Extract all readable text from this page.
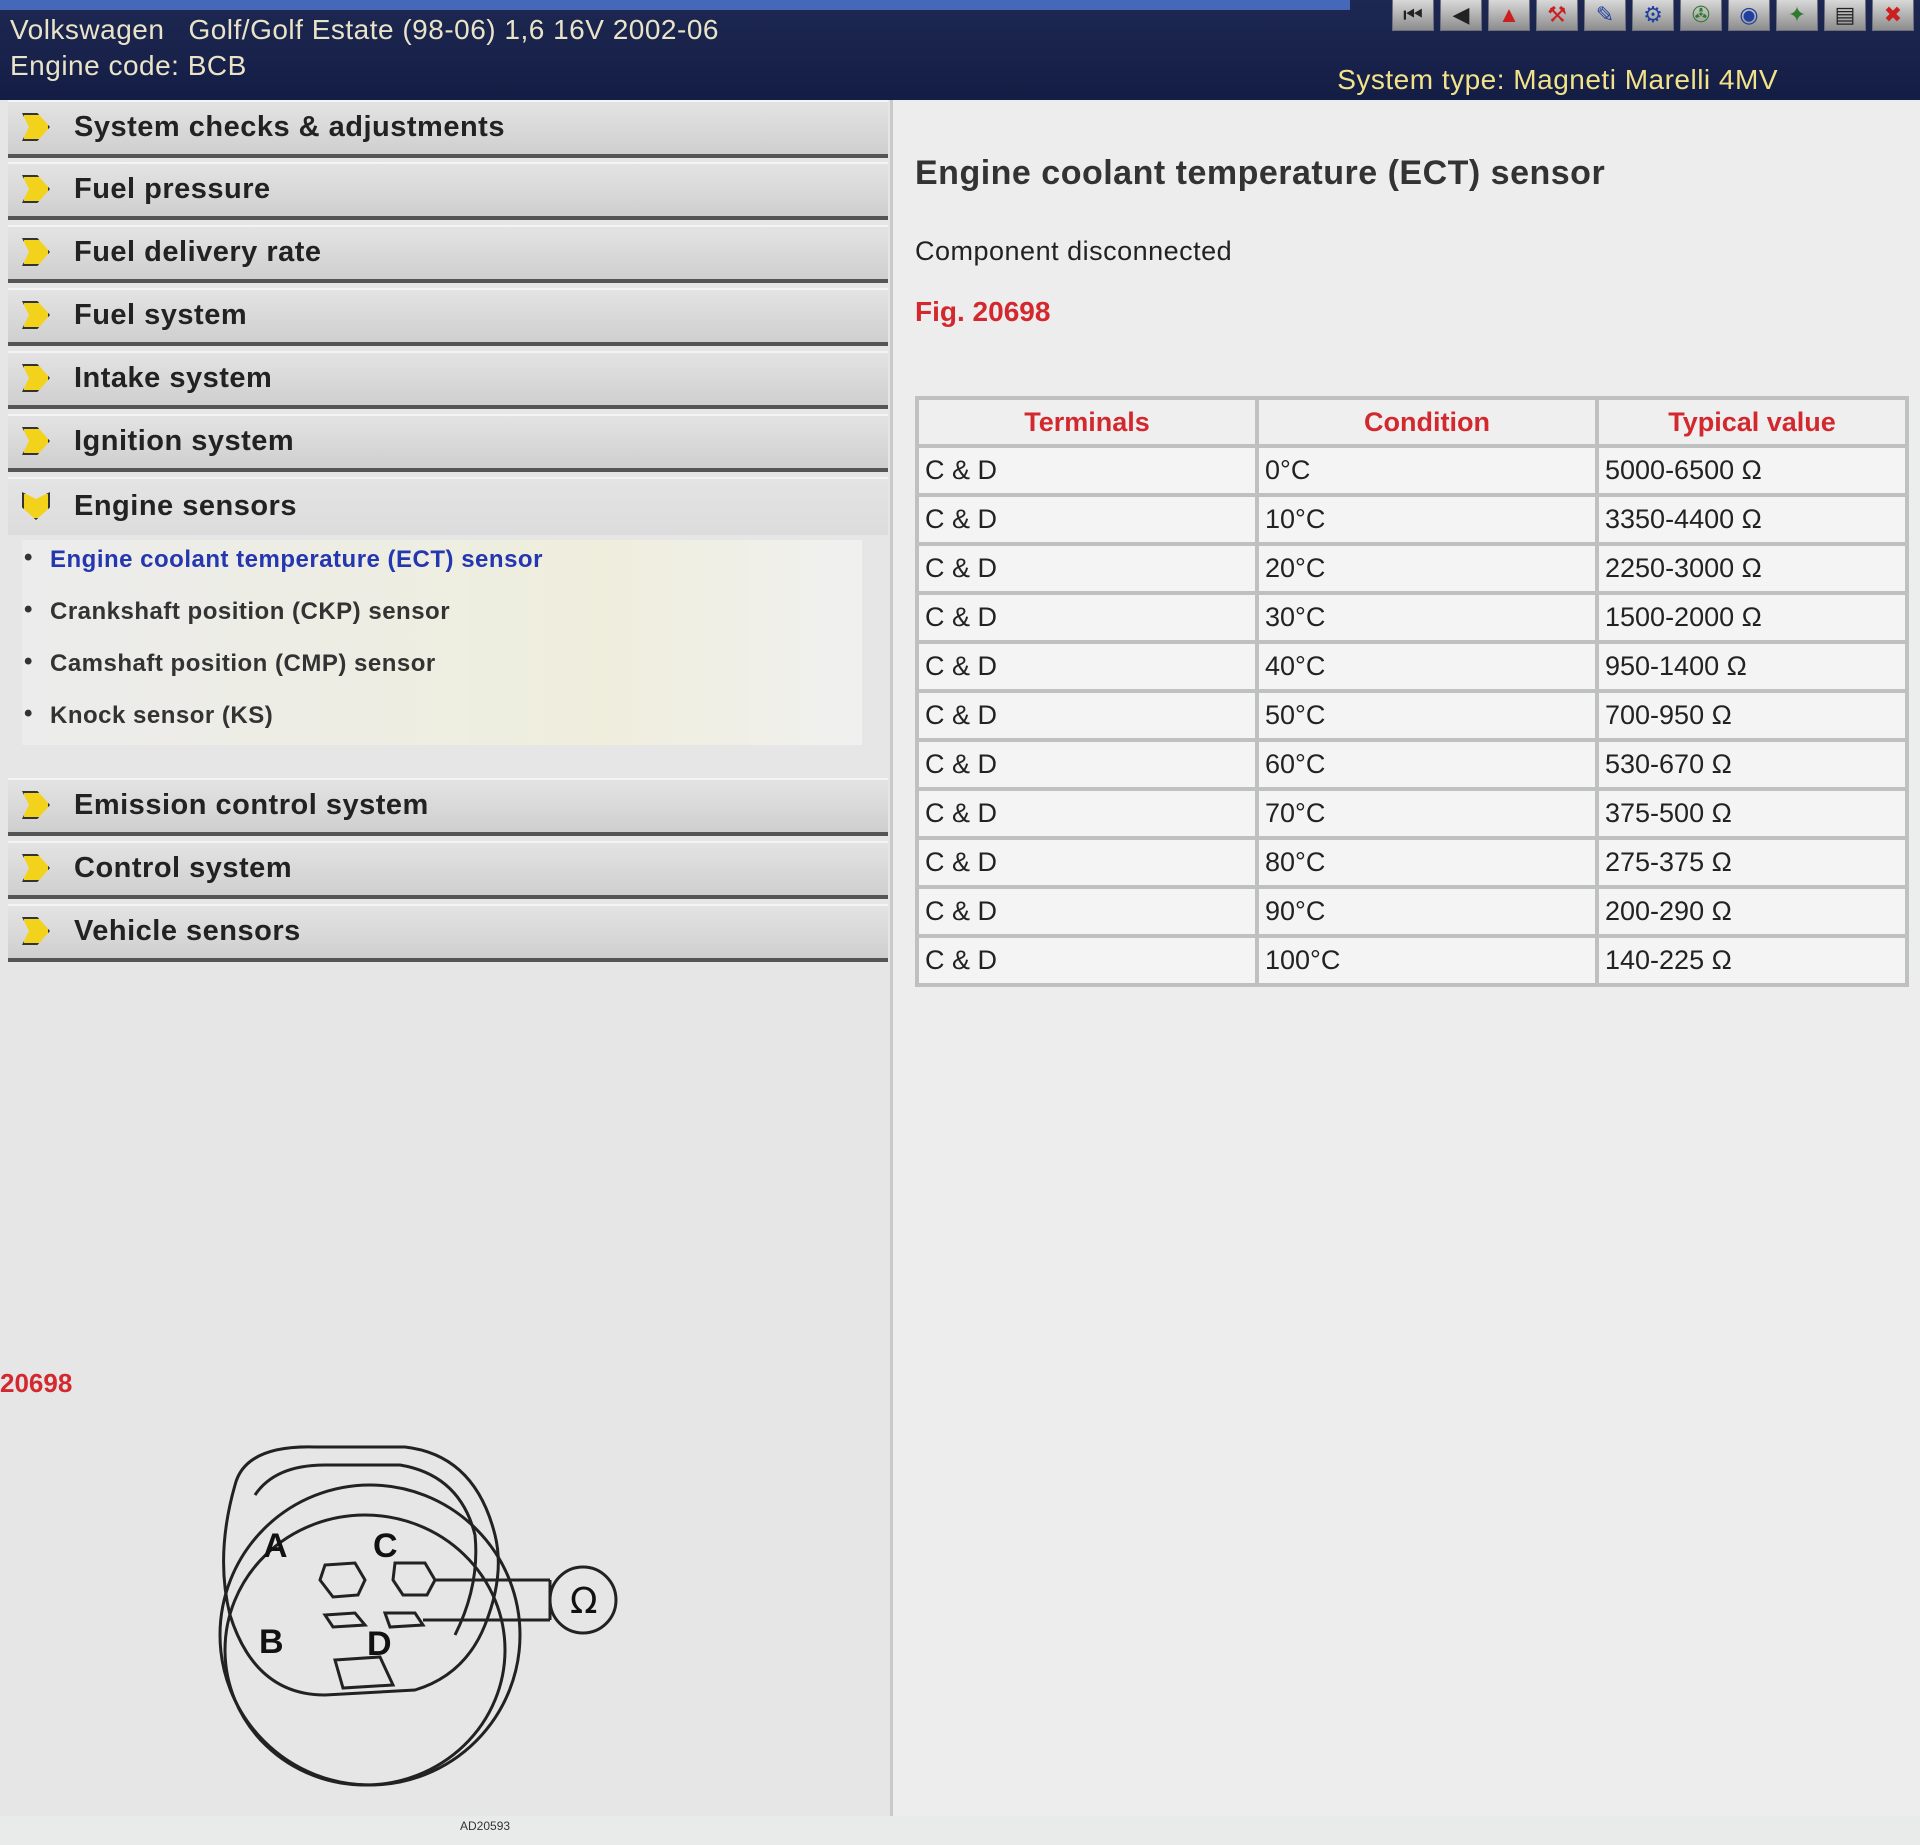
Volkswagen Golf/Golf Estate (98-06) 1,6 16V 2002-06
Engine code: BCB	System type: Magneti Marelli 4MV
⏮	◀	▲	⚒	✎	⚙	✇	◉	✦	▤	✖
System checks & adjustments
Fuel pressure
Fuel delivery rate
Fuel system
Intake system
Ignition system
Engine sensors
• Engine coolant temperature (ECT) sensor
• Crankshaft position (CKP) sensor
• Camshaft position (CMP) sensor
• Knock sensor (KS)
Emission control system
Control system
Vehicle sensors
20698
A	C
B D
Ω
AD20593
Engine coolant temperature (ECT) sensor
Component disconnected
Fig. 20698
Terminals	Condition	Typical value
C & D	0°C	5000-6500 Ω
C & D	10°C	3350-4400 Ω
C & D	20°C	2250-3000 Ω
C & D	30°C	1500-2000 Ω
C & D	40°C	950-1400 Ω
C & D	50°C	700-950 Ω
C & D	60°C	530-670 Ω
C & D	70°C	375-500 Ω
C & D	80°C	275-375 Ω
C & D	90°C	200-290 Ω
C & D	100°C	140-225 Ω
